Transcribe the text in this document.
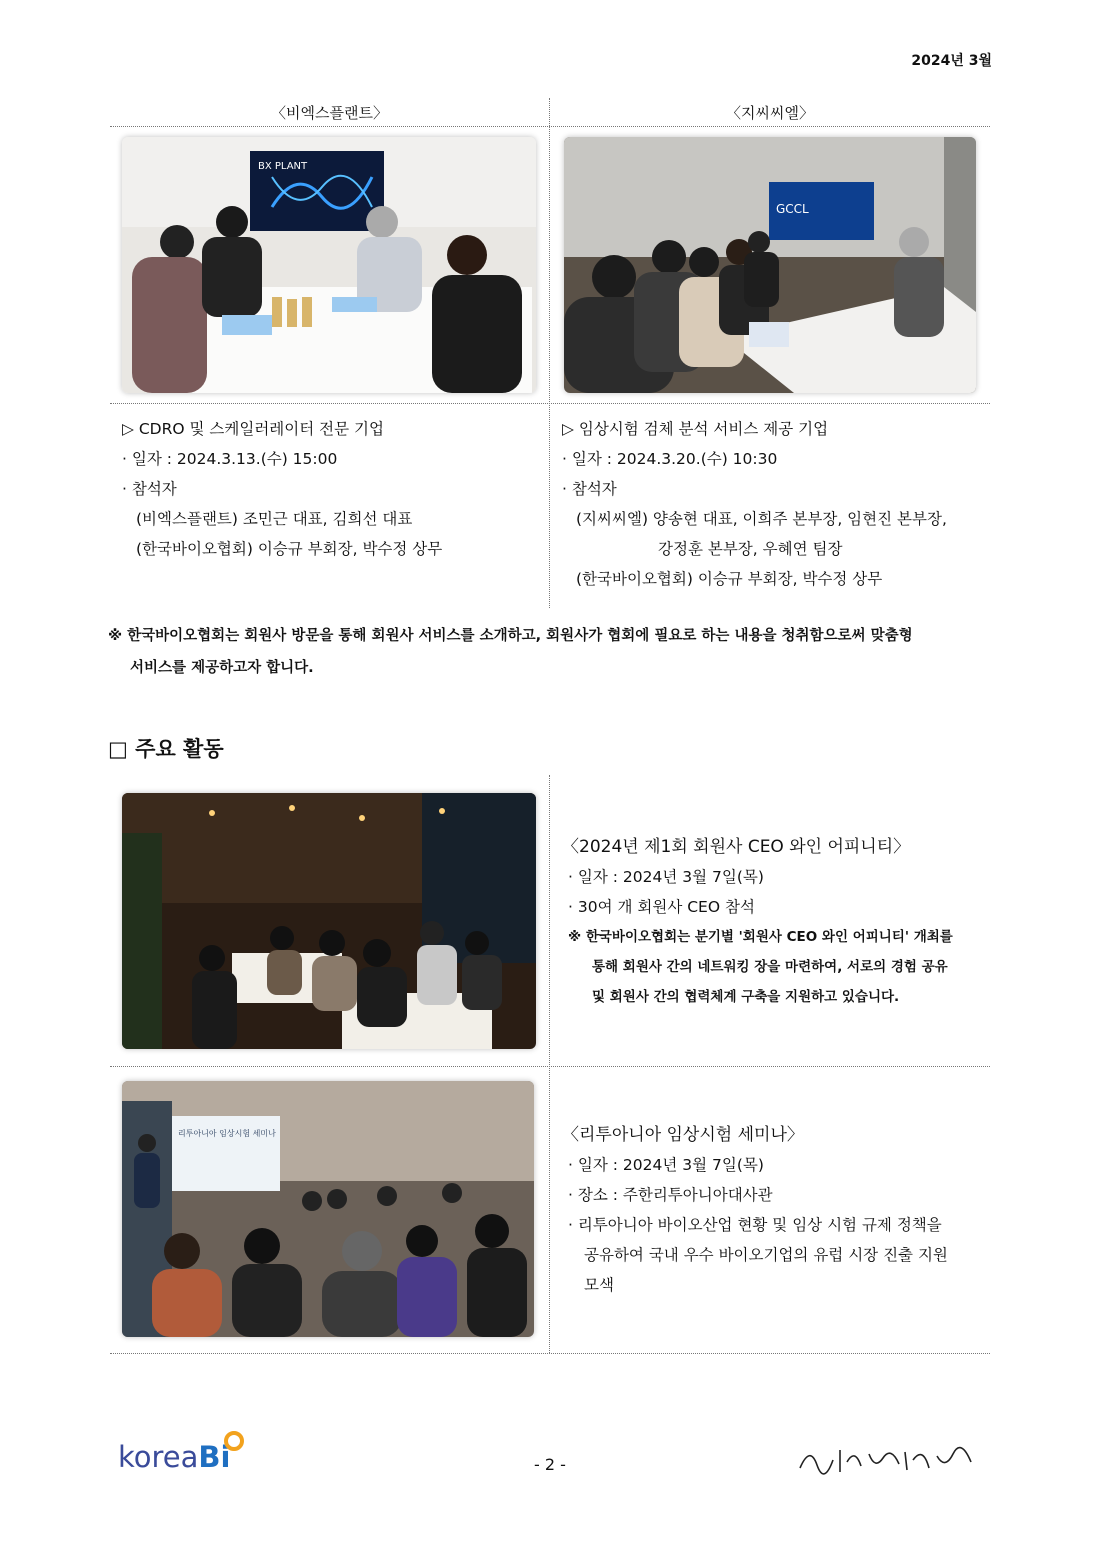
2024년 3월
〈비엑스플랜트〉	〈지씨씨엘〉
BX PLANT
GCCL
▷ CDRO 및 스케일러레이터 전문 기업
· 일자 : 2024.3.13.(수) 15:00
· 참석자
(비엑스플랜트) 조민근 대표, 김희선 대표
(한국바이오협회) 이승규 부회장, 박수정 상무
▷ 임상시험 검체 분석 서비스 제공 기업
· 일자 : 2024.3.20.(수) 10:30
· 참석자
(지씨씨엘) 양송현 대표, 이희주 본부장, 임현진 본부장,
강정훈 본부장, 우혜연 팀장
(한국바이오협회) 이승규 부회장, 박수정 상무
※ 한국바이오협회는 회원사 방문을 통해 회원사 서비스를 소개하고, 회원사가 협회에 필요로 하는 내용을 청취함으로써 맞춤형
서비스를 제공하고자 합니다.
□ 주요 활동
〈2024년 제1회 회원사 CEO 와인 어피니티〉
· 일자 : 2024년 3월 7일(목)
· 30여 개 회원사 CEO 참석
※ 한국바이오협회는 분기별 '회원사 CEO 와인 어피니티' 개최를
통해 회원사 간의 네트워킹 장을 마련하여, 서로의 경험 공유
및 회원사 간의 협력체계 구축을 지원하고 있습니다.
리투아니아 임상시험 세미나	〈리투아니아 임상시험 세미나〉
· 일자 : 2024년 3월 7일(목)
· 장소 : 주한리투아니아대사관
· 리투아니아 바이오산업 현황 및 임상 시험 규제 정책을
공유하여 국내 우수 바이오기업의 유럽 시장 진출 지원
모색
koreaBi	- 2 -
